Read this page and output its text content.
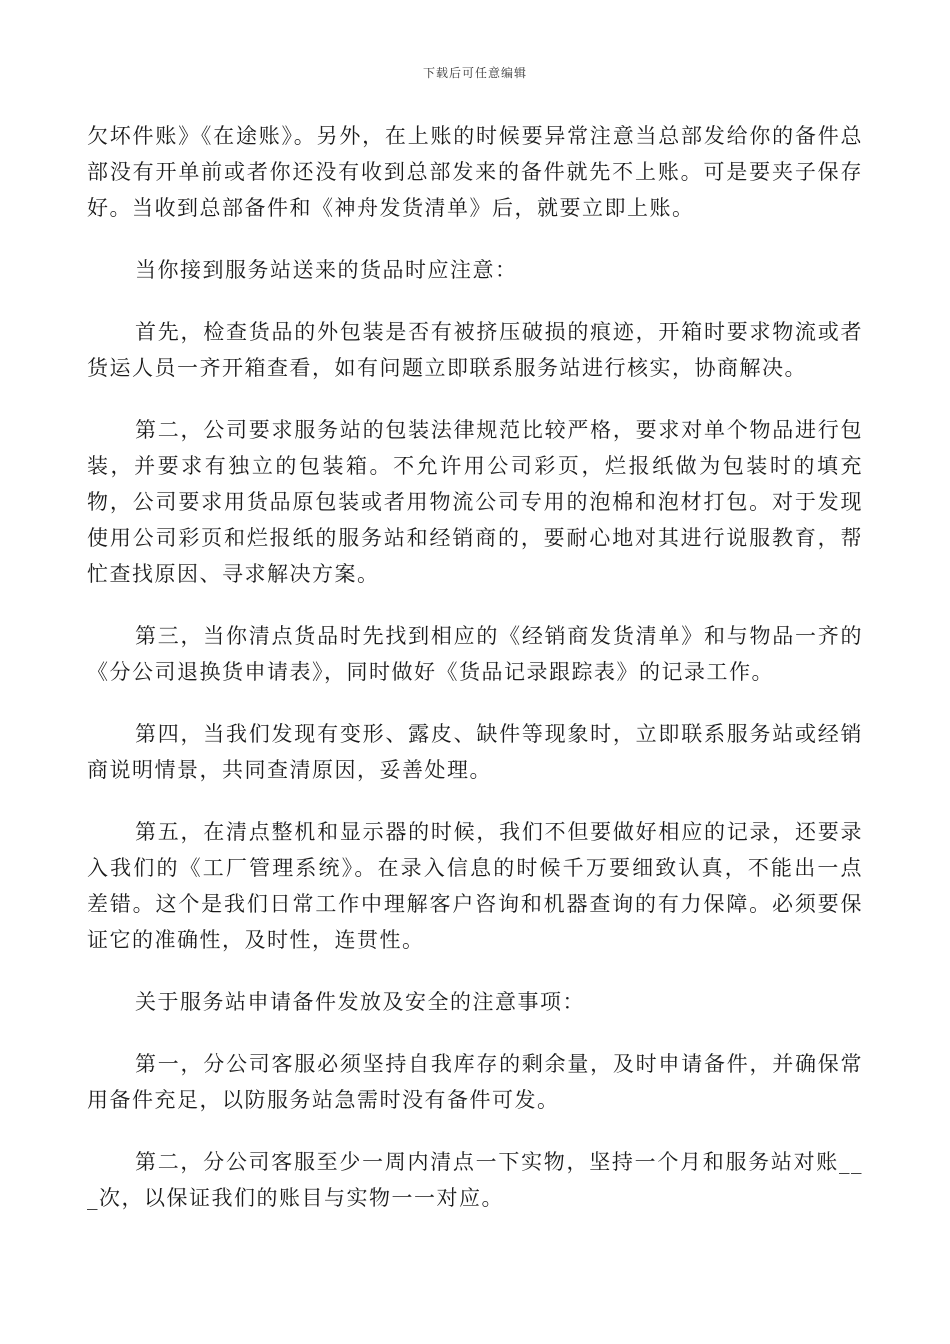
下载后可任意编辑

欠坏件账》《在途账》。另外，在上账的时候要异常注意当总部发给你的备件总部没有开单前或者你还没有收到总部发来的备件就先不上账。可是要夹子保存好。当收到总部备件和《神舟发货清单》后，就要立即上账。

当你接到服务站送来的货品时应注意：

首先，检查货品的外包装是否有被挤压破损的痕迹，开箱时要求物流或者货运人员一齐开箱查看，如有问题立即联系服务站进行核实，协商解决。

第二，公司要求服务站的包装法律规范比较严格，要求对单个物品进行包装，并要求有独立的包装箱。不允许用公司彩页，烂报纸做为包装时的填充物，公司要求用货品原包装或者用物流公司专用的泡棉和泡材打包。对于发现使用公司彩页和烂报纸的服务站和经销商的，要耐心地对其进行说服教育，帮忙查找原因、寻求解决方案。

第三，当你清点货品时先找到相应的《经销商发货清单》和与物品一齐的《分公司退换货申请表》，同时做好《货品记录跟踪表》的记录工作。

第四，当我们发现有变形、露皮、缺件等现象时，立即联系服务站或经销商说明情景，共同查清原因，妥善处理。

第五，在清点整机和显示器的时候，我们不但要做好相应的记录，还要录入我们的《工厂管理系统》。在录入信息的时候千万要细致认真，不能出一点差错。这个是我们日常工作中理解客户咨询和机器查询的有力保障。必须要保证它的准确性，及时性，连贯性。

关于服务站申请备件发放及安全的注意事项：

第一，分公司客服必须坚持自我库存的剩余量，及时申请备件，并确保常用备件充足，以防服务站急需时没有备件可发。

第二，分公司客服至少一周内清点一下实物，坚持一个月和服务站对账___次，以保证我们的账目与实物一一对应。
